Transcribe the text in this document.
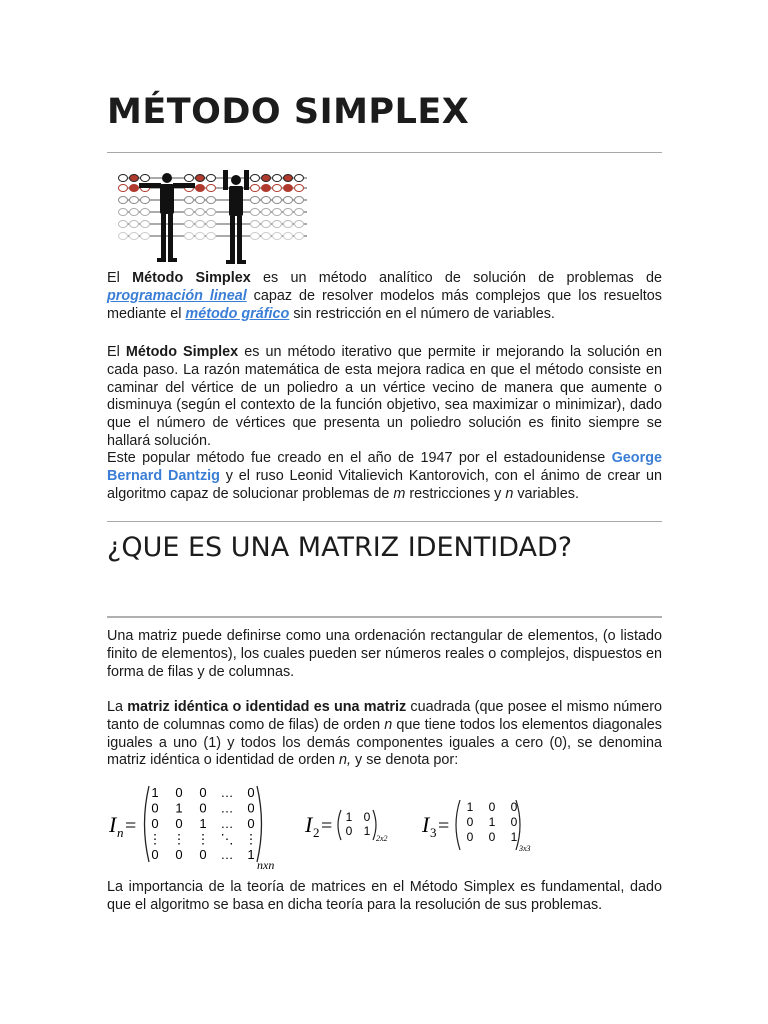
MÉTODO SIMPLEX

El Método Simplex es un método analítico de solución de problemas de programación lineal capaz de resolver modelos más complejos que los resueltos mediante el método gráfico sin restricción en el número de variables.

El Método Simplex es un método iterativo que permite ir mejorando la solución en cada paso. La razón matemática de esta mejora radica en que el método consiste en caminar del vértice de un poliedro a un vértice vecino de manera que aumente o disminuya (según el contexto de la función objetivo, sea maximizar o minimizar), dado que el número de vértices que presenta un poliedro solución es finito siempre se hallará solución.

Este popular método fue creado en el año de 1947 por el estadounidense George Bernard Dantzig y el ruso Leonid Vitalievich Kantorovich, con el ánimo de crear un algoritmo capaz de solucionar problemas de m restricciones y n variables.

¿QUE ES UNA MATRIZ IDENTIDAD?

Una matriz puede definirse como una ordenación rectangular de elementos, (o listado finito de elementos), los cuales pueden ser números reales o complejos, dispuestos en forma de filas y de columnas.

La matriz idéntica o identidad es una matriz cuadrada (que posee el mismo número tanto de columnas como de filas) de orden n que tiene todos los elementos diagonales iguales a uno (1) y todos los demás componentes iguales a cero (0), se denomina matriz idéntica o identidad de orden n, y se denota por:

I n =
1 0 0 … 0
0 1 0 … 0
0 0 1 … 0
⋮ ⋮ ⋮ ⋱ ⋮
0 0 0 … 1
nxn
I 2 = 1 0
0 1
2x2
I 3 =
1 0 0
0 1 0
0 0 1
3x3

La importancia de la teoría de matrices en el Método Simplex es fundamental, dado que el algoritmo se basa en dicha teoría para la resolución de sus problemas.
